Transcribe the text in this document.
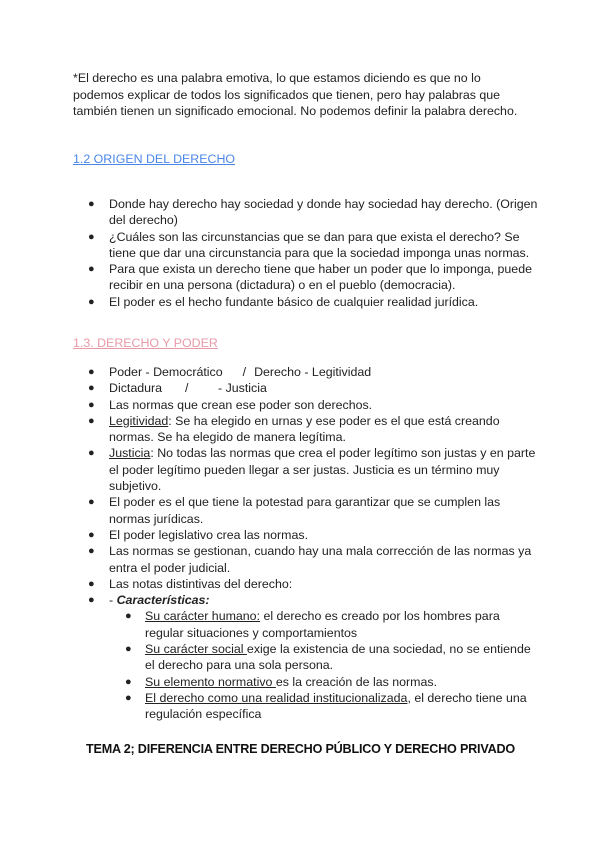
*El derecho es una palabra emotiva, lo que estamos diciendo es que no lo podemos explicar de todos los significados que tienen, pero hay palabras que también tienen un significado emocional. No podemos definir la palabra derecho.

1.2 ORIGEN DEL DERECHO
● Donde hay derecho hay sociedad y donde hay sociedad hay derecho. (Origen del derecho)
● ¿Cuáles son las circunstancias que se dan para que exista el derecho? Se tiene que dar una circunstancia para que la sociedad imponga unas normas.
● Para que exista un derecho tiene que haber un poder que lo imponga, puede recibir en una persona (dictadura) o en el pueblo (democracia).
● El poder es el hecho fundante básico de cualquier realidad jurídica.
1.3. DERECHO Y PODER
● Poder - Democrático / Derecho - Legitividad
● Dictadura / - Justicia
● Las normas que crean ese poder son derechos.
● Legitividad: Se ha elegido en urnas y ese poder es el que está creando normas. Se ha elegido de manera legítima.
● Justicia: No todas las normas que crea el poder legítimo son justas y en parte el poder legítimo pueden llegar a ser justas. Justicia es un término muy subjetivo.
● El poder es el que tiene la potestad para garantizar que se cumplen las normas jurídicas.
● El poder legislativo crea las normas.
● Las normas se gestionan, cuando hay una mala corrección de las normas ya entra el poder judicial.
● Las notas distintivas del derecho:
● - Características:
● Su carácter humano: el derecho es creado por los hombres para regular situaciones y comportamientos
● Su carácter social exige la existencia de una sociedad, no se entiende el derecho para una sola persona.
● Su elemento normativo es la creación de las normas.
● El derecho como una realidad institucionalizada, el derecho tiene una regulación específica
TEMA 2; DIFERENCIA ENTRE DERECHO PÚBLICO Y DERECHO PRIVADO
